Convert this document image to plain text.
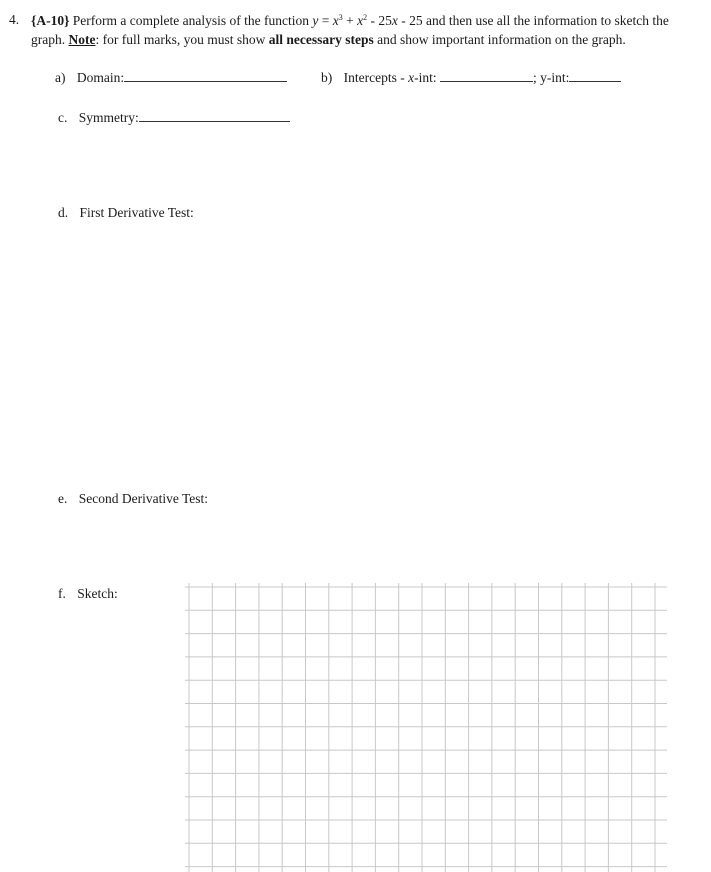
4. {A-10} Perform a complete analysis of the function $y = x^3 + x^2 - 25x - 25$ and then use all the information to sketch the
graph. Note: for full marks, you must show all necessary steps and show important information on the graph.
a) Domain:	b) Intercepts - x-int:	; y-int:
c. Symmetry:
d. First Derivative Test:
e. Second Derivative Test:
f. Sketch:
